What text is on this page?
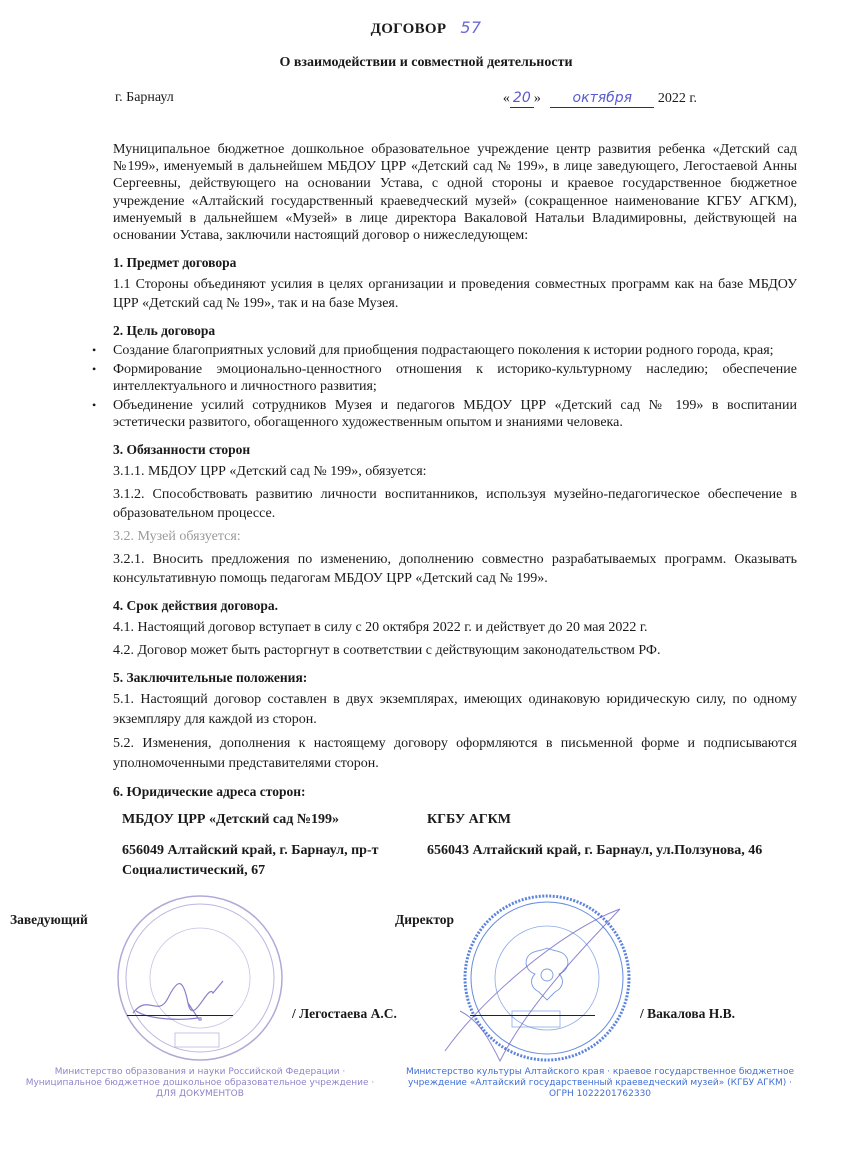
ДОГОВОР 57
О взаимодействии и совместной деятельности
г. Барнаул	« 20 » октября 2022 г.
Муниципальное бюджетное дошкольное образовательное учреждение центр развития ребенка «Детский сад №199», именуемый в дальнейшем МБДОУ ЦРР «Детский сад № 199», в лице заведующего, Легостаевой Анны Сергеевны, действующего на основании Устава, с одной стороны и краевое государственное бюджетное учреждение «Алтайский государственный краеведческий музей» (сокращенное наименование КГБУ АГКМ), именуемый в дальнейшем «Музей» в лице директора Вакаловой Натальи Владимировны, действующей на основании Устава, заключили настоящий договор о нижеследующем:
1. Предмет договора
1.1 Стороны объединяют усилия в целях организации и проведения совместных программ как на базе МБДОУ ЦРР «Детский сад № 199», так и на базе Музея.
2. Цель договора
• Создание благоприятных условий для приобщения подрастающего поколения к истории родного города, края;
• Формирование эмоционально-ценностного отношения к историко-культурному наследию; обеспечение интеллектуального и личностного развития;
• Объединение усилий сотрудников Музея и педагогов МБДОУ ЦРР «Детский сад № 199» в воспитании эстетически развитого, обогащенного художественным опытом и знаниями человека.
3. Обязанности сторон
3.1.1. МБДОУ ЦРР «Детский сад № 199», обязуется:
3.1.2. Способствовать развитию личности воспитанников, используя музейно-педагогическое обеспечение в образовательном процессе.
3.2. Музей обязуется:
3.2.1. Вносить предложения по изменению, дополнению совместно разрабатываемых программ. Оказывать консультативную помощь педагогам МБДОУ ЦРР «Детский сад № 199».
4. Срок действия договора.
4.1. Настоящий договор вступает в силу с 20 октября 2022 г. и действует до 20 мая 2022 г.
4.2. Договор может быть расторгнут в соответствии с действующим законодательством РФ.
5. Заключительные положения:
5.1. Настоящий договор составлен в двух экземплярах, имеющих одинаковую юридическую силу, по одному экземпляру для каждой из сторон.
5.2. Изменения, дополнения к настоящему договору оформляются в письменной форме и подписываются уполномоченными представителями сторон.
6. Юридические адреса сторон:
МБДОУ ЦРР «Детский сад №199»
656049 Алтайский край, г. Барнаул, пр-т Социалистический, 67
КГБУ АГКМ
656043 Алтайский край, г. Барнаул, ул.Ползунова, 46
Заведующий
/ Легостаева А.С.
Министерство образования и науки Российской Федерации · Муниципальное бюджетное дошкольное образовательное учреждение · ДЛЯ ДОКУМЕНТОВ
Директор
/ Вакалова Н.В.
Министерство культуры Алтайского края · краевое государственное бюджетное учреждение «Алтайский государственный краеведческий музей» (КГБУ АГКМ) · ОГРН 1022201762330
